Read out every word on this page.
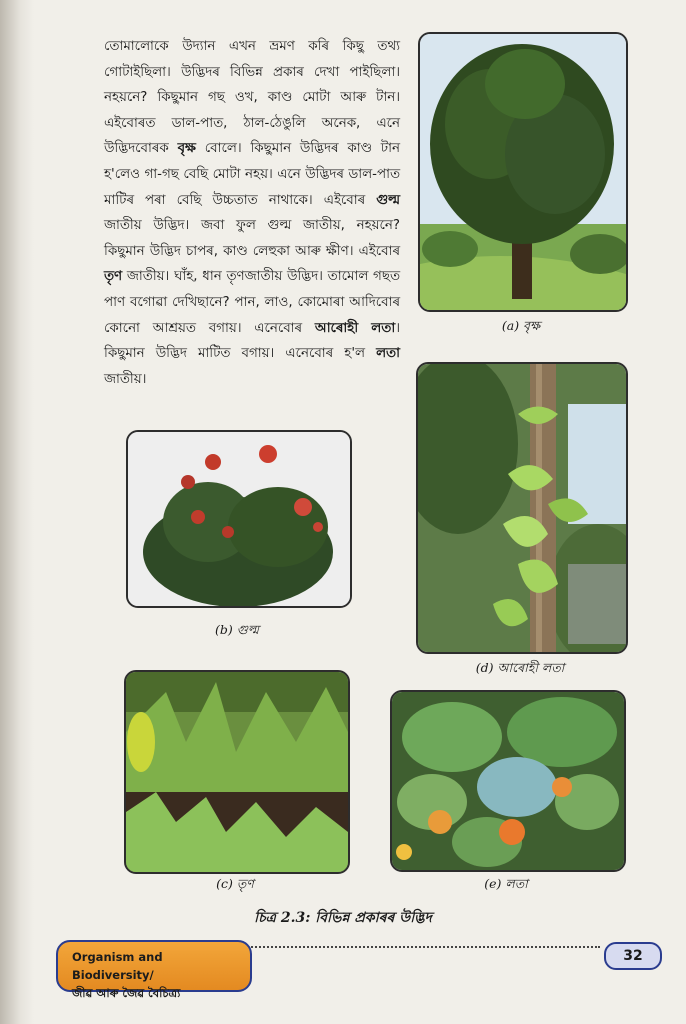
তোমালোকে উদ্যান এখন ভ্ৰমণ কৰি কিছু তথ্য গোটাইছিলা। উদ্ভিদৰ বিভিন্ন প্ৰকাৰ দেখা পাইছিলা। নহয়নে? কিছুমান গছ ওখ, কাণ্ড মোটা আৰু টান। এইবোৰত ডাল-পাত, ঠাল-ঠেঙুলি অনেক, এনে উদ্ভিদবোৰক বৃক্ষ বোলে। কিছুমান উদ্ভিদৰ কাণ্ড টান হ'লেও গা-গছ বেছি মোটা নহয়। এনে উদ্ভিদৰ ডাল-পাত মাটিৰ পৰা বেছি উচ্চতাত নাথাকে। এইবোৰ গুল্ম জাতীয় উদ্ভিদ। জবা ফুল গুল্ম জাতীয়, নহয়নে? কিছুমান উদ্ভিদ চাপৰ, কাণ্ড লেহুকা আৰু ক্ষীণ। এইবোৰ তৃণ জাতীয়। ঘাঁহ, ধান তৃণজাতীয় উদ্ভিদ। তামোল গছত পাণ বগোৱা দেখিছানে? পান, লাও, কোমোৰা আদিবোৰ কোনো আশ্ৰয়ত বগায়। এনেবোৰ আৰোহী লতা। কিছুমান উদ্ভিদ মাটিত বগায়। এনেবোৰ হ'ল লতা জাতীয়।
(a) বৃক্ষ
(d) আৰোহী লতা
(b) গুল্ম
(c) তৃণ	(e) লতা
চিত্ৰ 2.3: বিভিন্ন প্ৰকাৰৰ উদ্ভিদ
Organism and Biodiversity/
জীৱ আৰু জৈৱ বৈচিত্ৰ্য
32
